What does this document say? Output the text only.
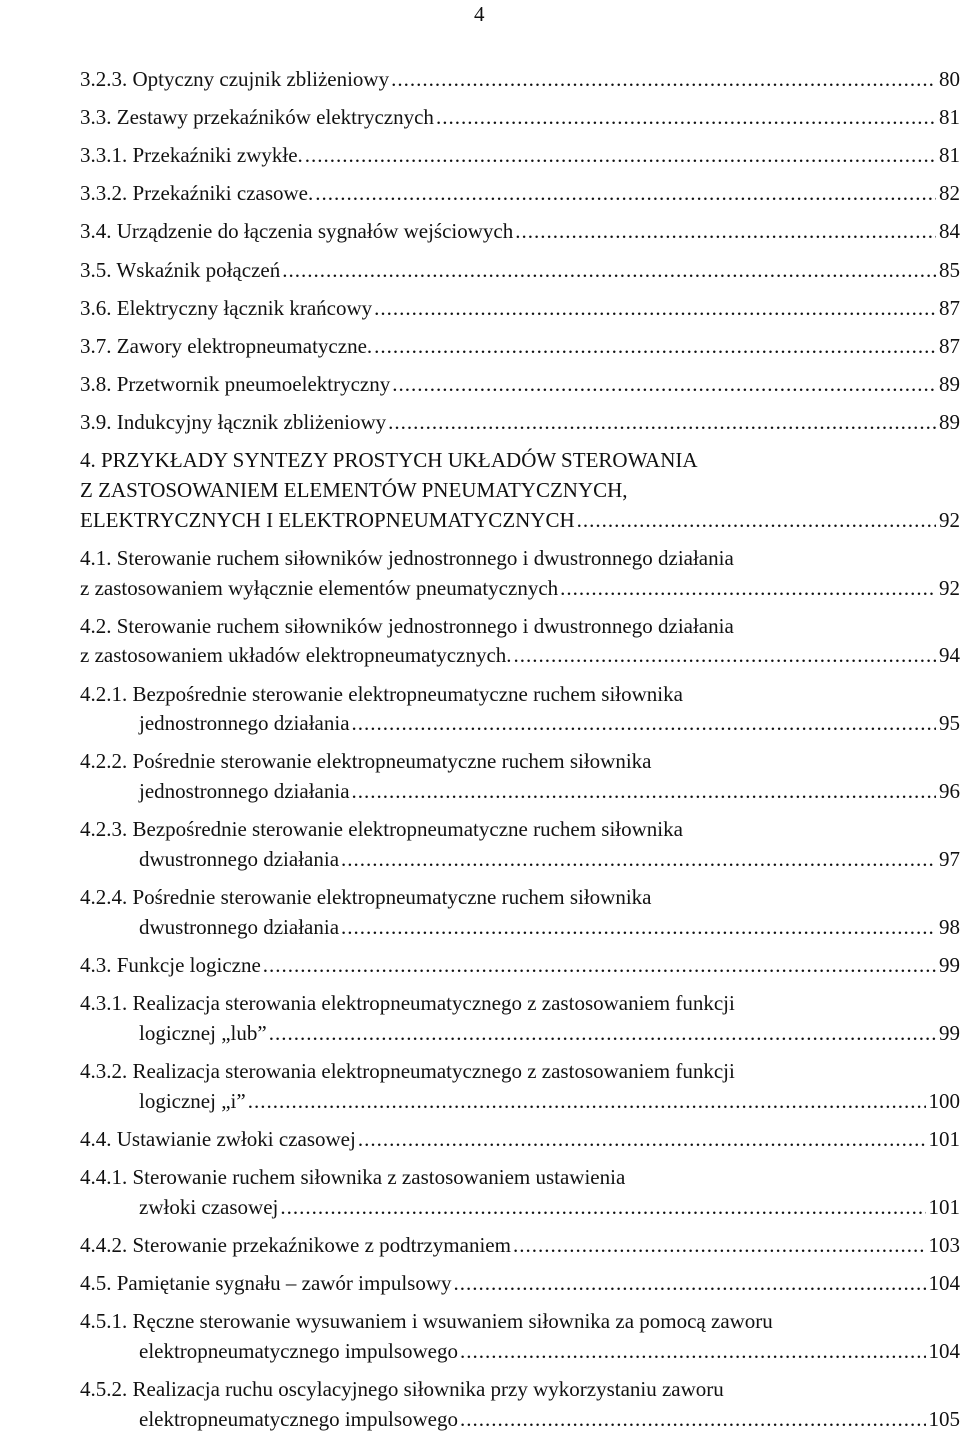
4
3.2.3. Optyczny czujnik zbliżeniowy .....	80
3.3. Zestawy przekaźników elektrycznych .....	81
3.3.1. Przekaźniki zwykłe. .....	81
3.3.2. Przekaźniki czasowe. .....	82
3.4. Urządzenie do łączenia sygnałów wejściowych .....	84
3.5. Wskaźnik połączeń .....	85
3.6. Elektryczny łącznik krańcowy .....	87
3.7. Zawory elektropneumatyczne. .....	87
3.8. Przetwornik pneumoelektryczny .....	89
3.9. Indukcyjny łącznik zbliżeniowy .....	89
4. PRZYKŁADY SYNTEZY PROSTYCH UKŁADÓW STEROWANIA
Z ZASTOSOWANIEM ELEMENTÓW PNEUMATYCZNYCH,
ELEKTRYCZNYCH I ELEKTROPNEUMATYCZNYCH .....	92
4.1. Sterowanie ruchem siłowników jednostronnego i dwustronnego działania
z zastosowaniem wyłącznie elementów pneumatycznych .....	92
4.2. Sterowanie ruchem siłowników jednostronnego i dwustronnego działania
z zastosowaniem układów elektropneumatycznych. .....	94
4.2.1. Bezpośrednie sterowanie elektropneumatyczne ruchem siłownika
jednostronnego działania .....	95
4.2.2. Pośrednie sterowanie elektropneumatyczne ruchem siłownika
jednostronnego działania .....	96
4.2.3. Bezpośrednie sterowanie elektropneumatyczne ruchem siłownika
dwustronnego działania .....	97
4.2.4. Pośrednie sterowanie elektropneumatyczne ruchem siłownika
dwustronnego działania .....	98
4.3. Funkcje logiczne .....	99
4.3.1. Realizacja sterowania elektropneumatycznego z zastosowaniem funkcji
logicznej „lub” .....	99
4.3.2. Realizacja sterowania elektropneumatycznego z zastosowaniem funkcji
logicznej „i” .....	100
4.4. Ustawianie zwłoki czasowej .....	101
4.4.1. Sterowanie ruchem siłownika z zastosowaniem ustawienia
zwłoki czasowej .....	101
4.4.2. Sterowanie przekaźnikowe z podtrzymaniem .....	103
4.5. Pamiętanie sygnału – zawór impulsowy .....	104
4.5.1. Ręczne sterowanie wysuwaniem i wsuwaniem siłownika za pomocą zaworu
elektropneumatycznego impulsowego .....	104
4.5.2. Realizacja ruchu oscylacyjnego siłownika przy wykorzystaniu zaworu
elektropneumatycznego impulsowego .....	105
